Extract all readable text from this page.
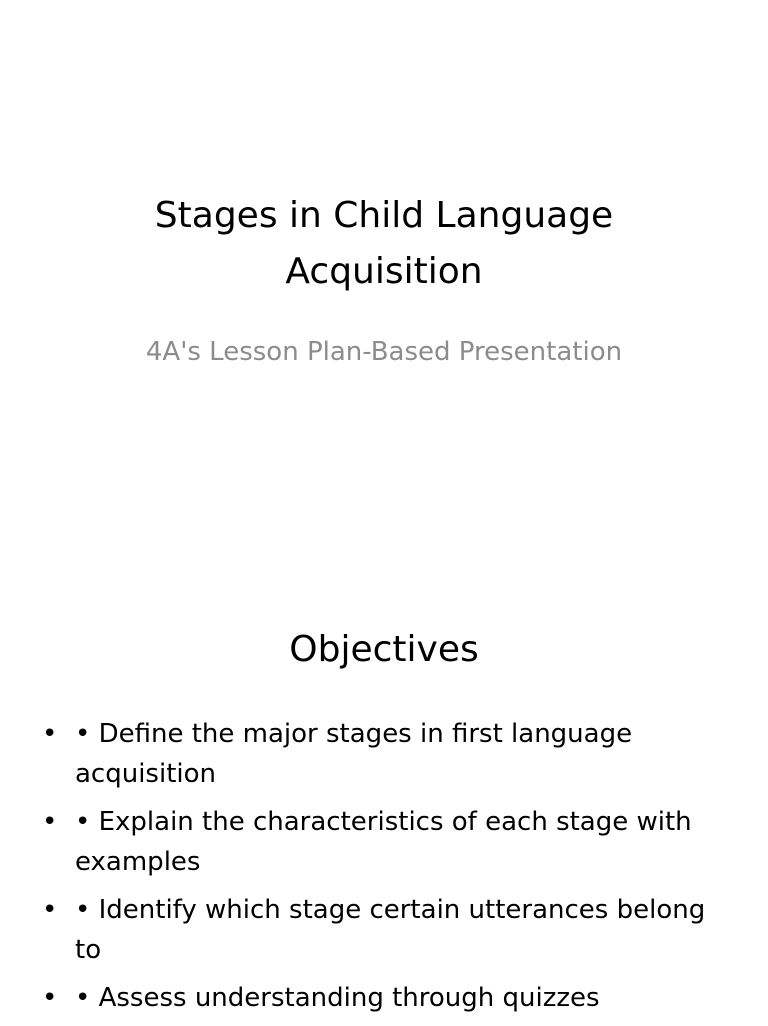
Stages in Child Language
Acquisition

4A's Lesson Plan-Based Presentation

Objectives
• • Define the major stages in first language acquisition
• • Explain the characteristics of each stage with examples
• • Identify which stage certain utterances belong to
• • Assess understanding through quizzes
